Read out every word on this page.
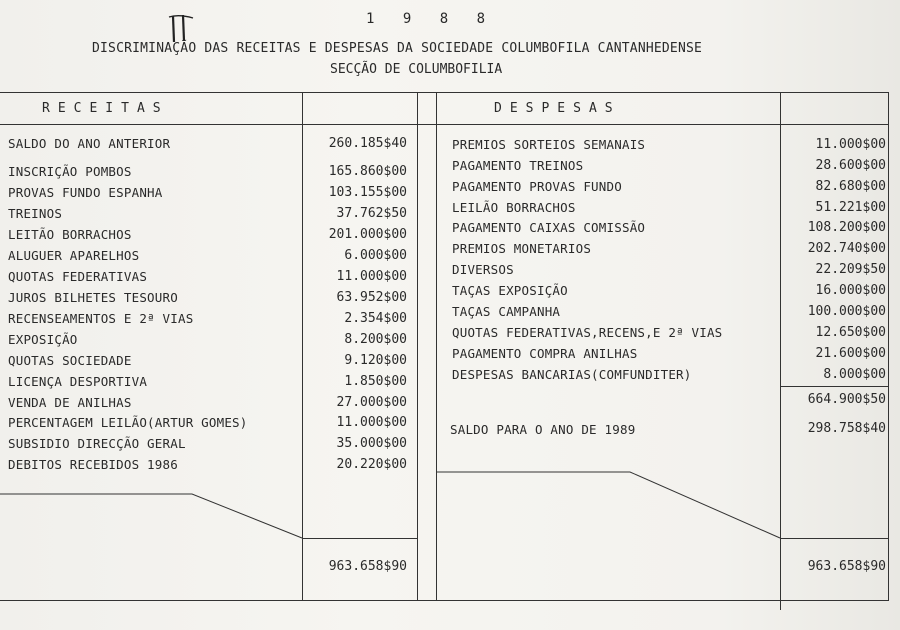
1 9 8 8
DISCRIMINAÇÃO DAS RECEITAS E DESPESAS DA SOCIEDADE COLUMBOFILA CANTANHEDENSE
SECÇÃO DE COLUMBOFILIA
RECEITAS	DESPESAS
SALDO DO ANO ANTERIOR	260.185$40
INSCRIÇÃO POMBOS	165.860$00
PROVAS FUNDO ESPANHA	103.155$00
TREINOS	37.762$50
LEITÃO BORRACHOS	201.000$00
ALUGUER APARELHOS	6.000$00
QUOTAS FEDERATIVAS	11.000$00
JUROS BILHETES TESOURO	63.952$00
RECENSEAMENTOS E 2ª VIAS	2.354$00
EXPOSIÇÃO	8.200$00
QUOTAS SOCIEDADE	9.120$00
LICENÇA DESPORTIVA	1.850$00
VENDA DE ANILHAS	27.000$00
PERCENTAGEM LEILÃO(ARTUR GOMES)	11.000$00
SUBSIDIO DIRECÇÃO GERAL	35.000$00
DEBITOS RECEBIDOS 1986	20.220$00
PREMIOS SORTEIOS SEMANAIS	11.000$00
PAGAMENTO TREINOS	28.600$00
PAGAMENTO PROVAS FUNDO	82.680$00
LEILÃO BORRACHOS	51.221$00
PAGAMENTO CAIXAS COMISSÃO	108.200$00
PREMIOS MONETARIOS	202.740$00
DIVERSOS	22.209$50
TAÇAS EXPOSIÇÃO	16.000$00
TAÇAS CAMPANHA	100.000$00
QUOTAS FEDERATIVAS,RECENS,E 2ª VIAS	12.650$00
PAGAMENTO COMPRA ANILHAS	21.600$00
DESPESAS BANCARIAS(COMFUNDITER)	8.000$00
963.658$90	963.658$90
664.900$50
SALDO PARA O ANO DE 1989	298.758$40
